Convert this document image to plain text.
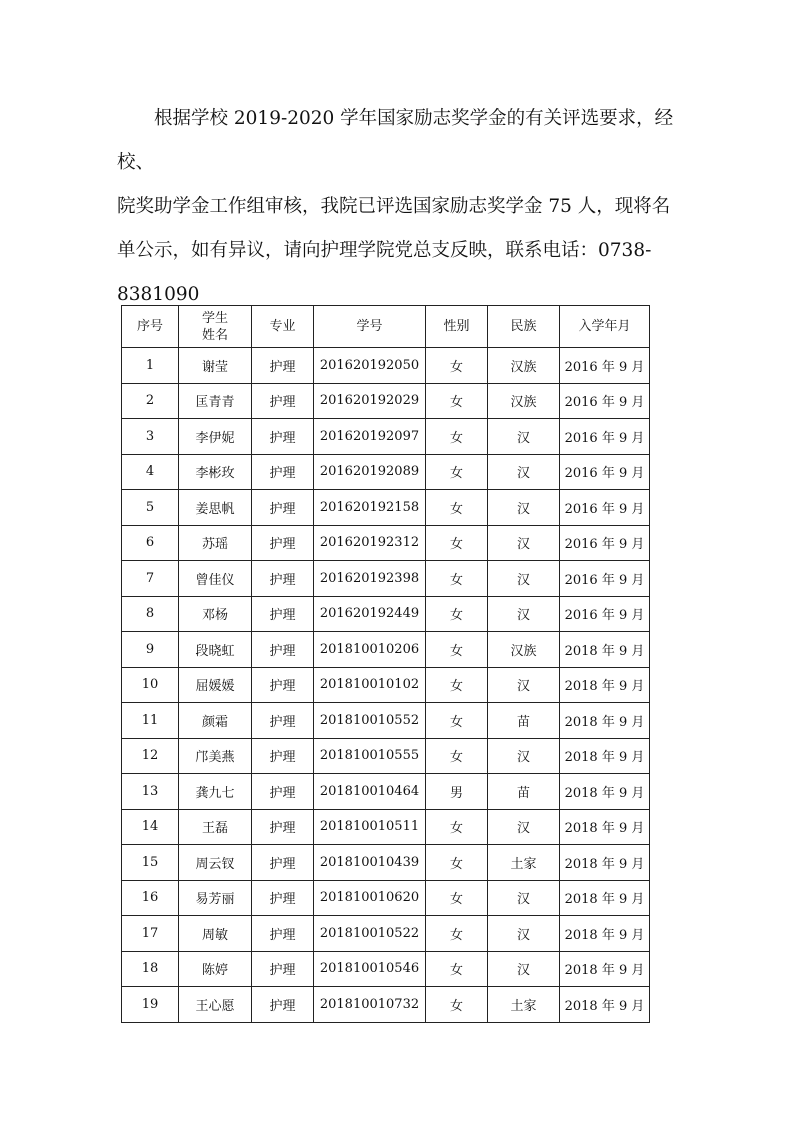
根据学校 2019-2020 学年国家励志奖学金的有关评选要求，经校、

院奖助学金工作组审核，我院已评选国家励志奖学金 75 人，现将名

单公示，如有异议，请向护理学院党总支反映，联系电话：0738-

8381090

序号	学生姓名	专业	学号	性别	民族	入学年月
1	谢莹	护理	201620192050	女	汉族	2016 年 9 月
2	匡青青	护理	201620192029	女	汉族	2016 年 9 月
3	李伊妮	护理	201620192097	女	汉	2016 年 9 月
4	李彬玫	护理	201620192089	女	汉	2016 年 9 月
5	姜思帆	护理	201620192158	女	汉	2016 年 9 月
6	苏瑶	护理	201620192312	女	汉	2016 年 9 月
7	曾佳仪	护理	201620192398	女	汉	2016 年 9 月
8	邓杨	护理	201620192449	女	汉	2016 年 9 月
9	段晓虹	护理	201810010206	女	汉族	2018 年 9 月
10	屈媛媛	护理	201810010102	女	汉	2018 年 9 月
11	颜霜	护理	201810010552	女	苗	2018 年 9 月
12	邝美燕	护理	201810010555	女	汉	2018 年 9 月
13	龚九七	护理	201810010464	男	苗	2018 年 9 月
14	王磊	护理	201810010511	女	汉	2018 年 9 月
15	周云钗	护理	201810010439	女	土家	2018 年 9 月
16	易芳丽	护理	201810010620	女	汉	2018 年 9 月
17	周敏	护理	201810010522	女	汉	2018 年 9 月
18	陈婷	护理	201810010546	女	汉	2018 年 9 月
19	王心愿	护理	201810010732	女	土家	2018 年 9 月
